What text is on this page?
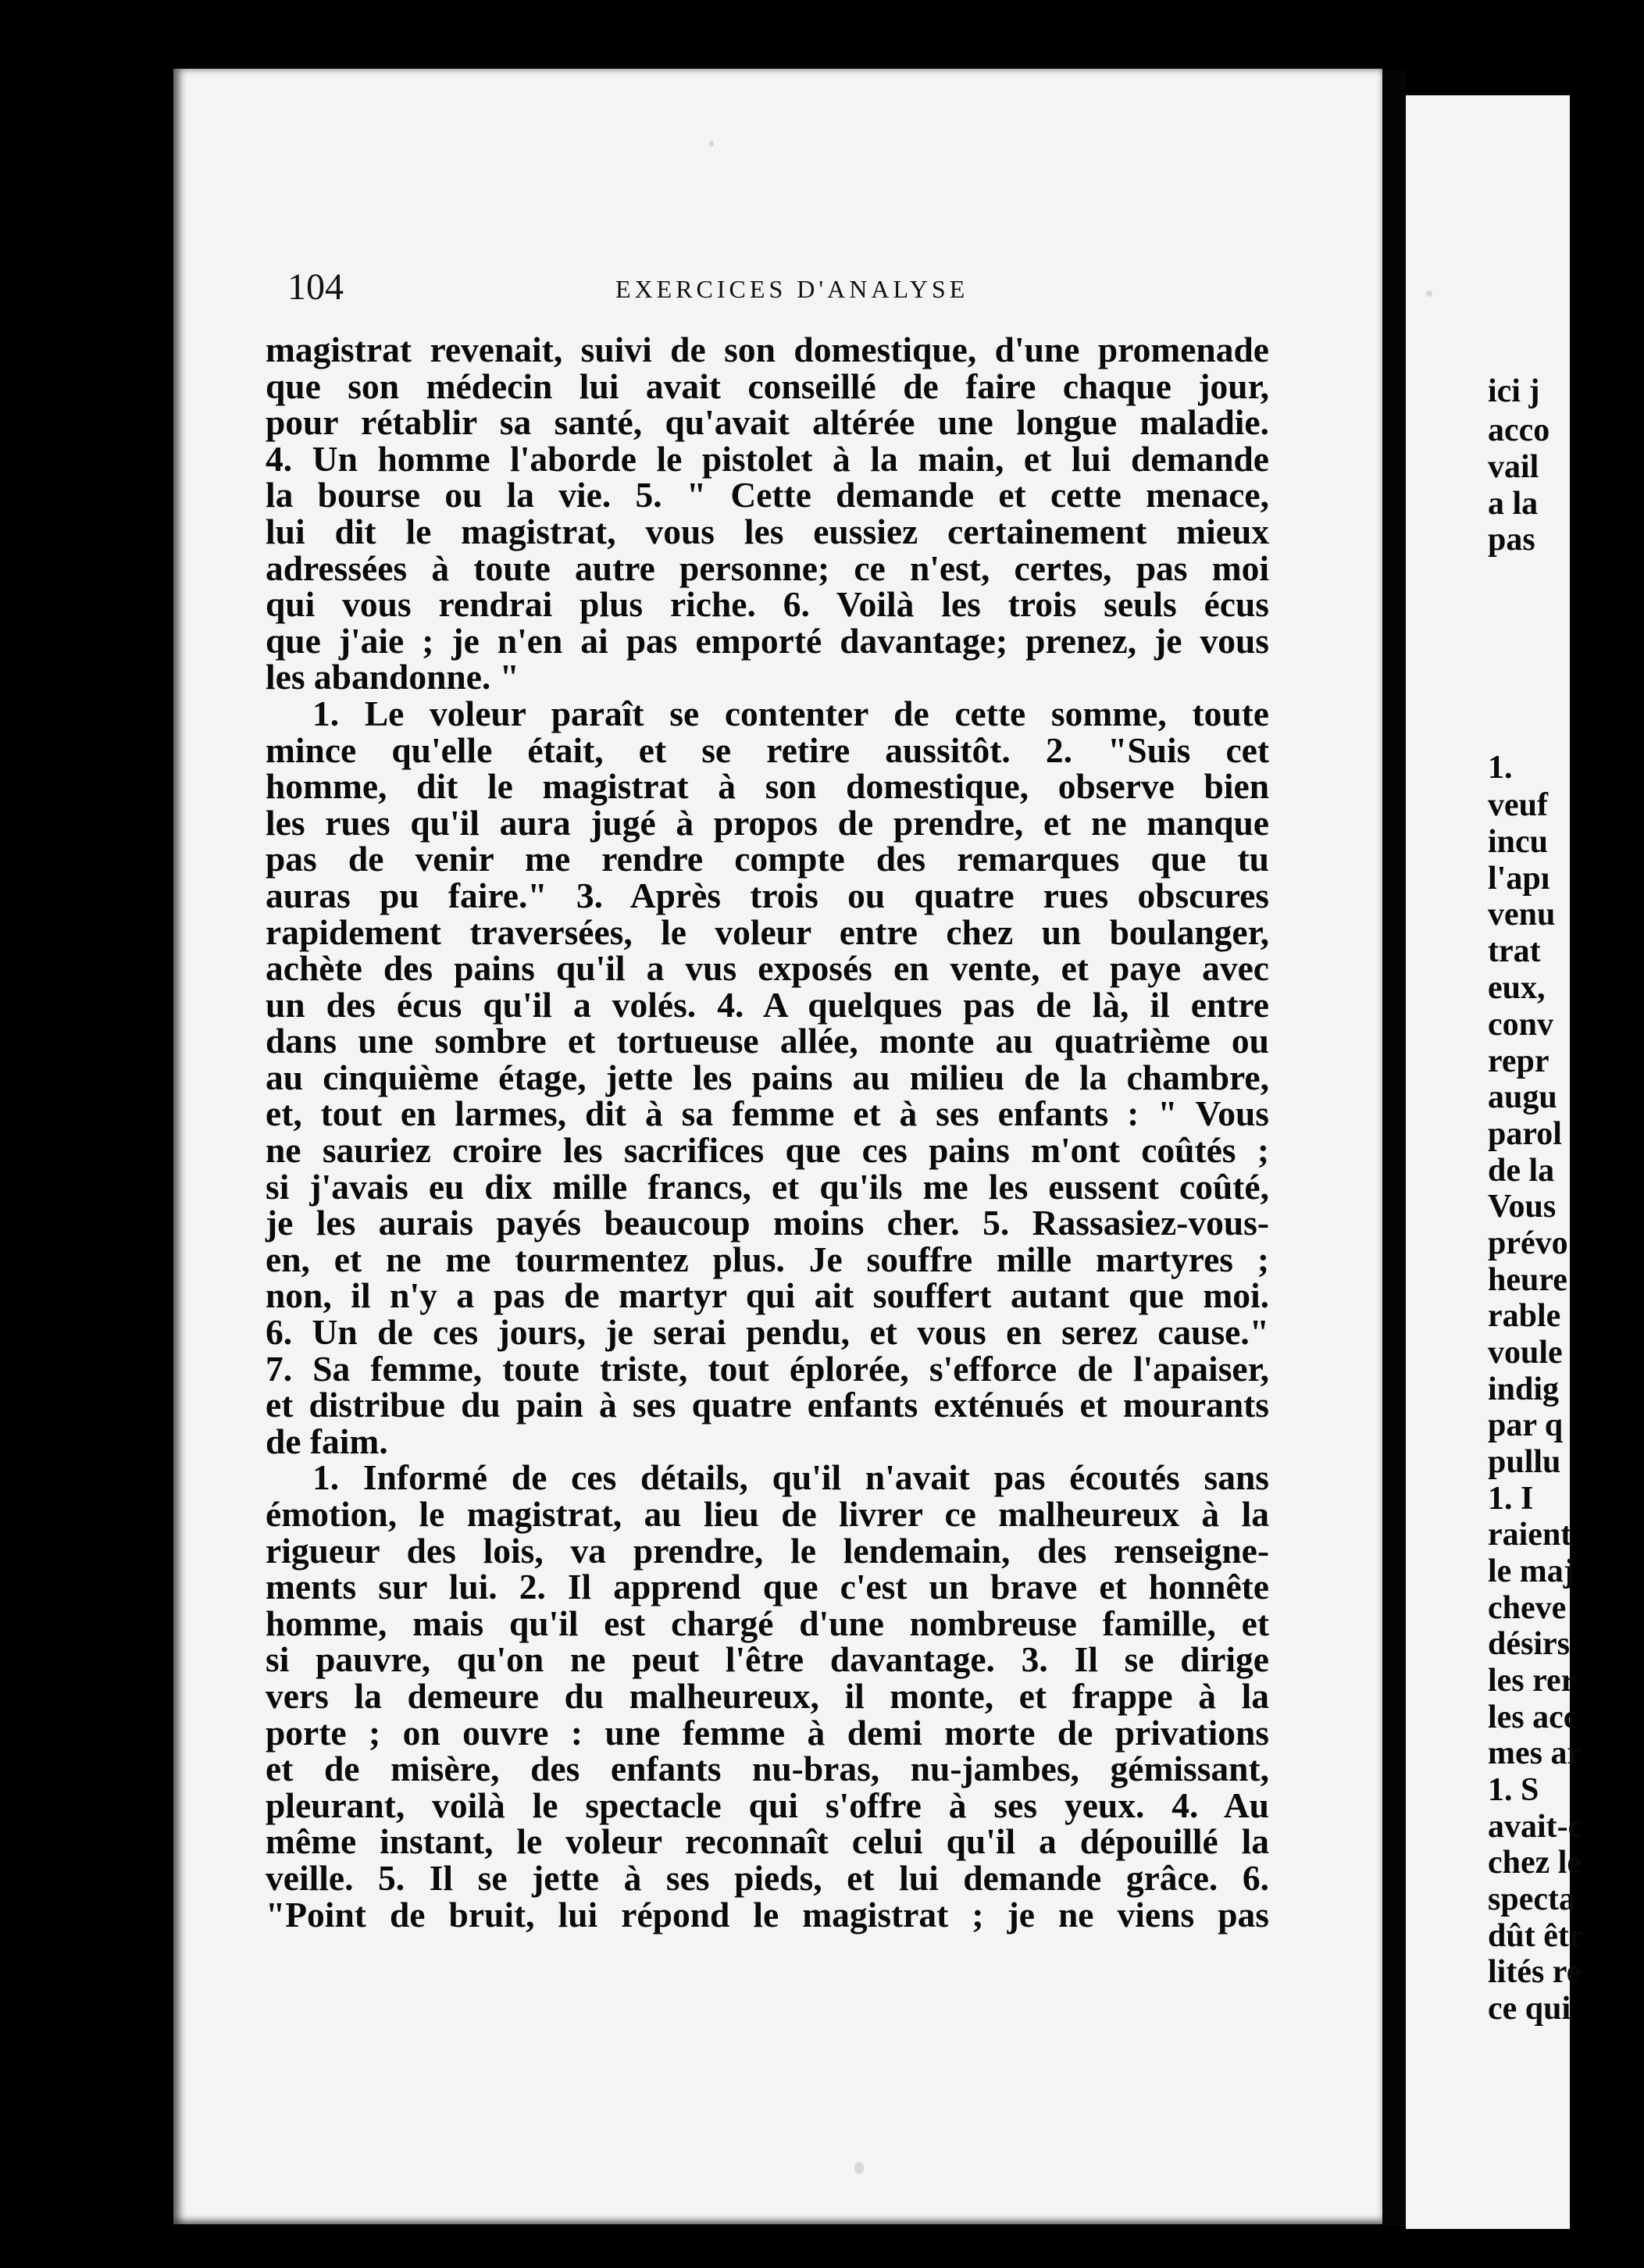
104	EXERCICES D'ANALYSE
magistrat revenait, suivi de son domestique, d'une promenade
que son médecin lui avait conseillé de faire chaque jour,
pour rétablir sa santé, qu'avait altérée une longue maladie.
4. Un homme l'aborde le pistolet à la main, et lui demande
la bourse ou la vie. 5. " Cette demande et cette menace,
lui dit le magistrat, vous les eussiez certainement mieux
adressées à toute autre personne; ce n'est, certes, pas moi
qui vous rendrai plus riche. 6. Voilà les trois seuls écus
que j'aie ; je n'en ai pas emporté davantage; prenez, je vous
les abandonne. "
1. Le voleur paraît se contenter de cette somme, toute
mince qu'elle était, et se retire aussitôt. 2. "Suis cet
homme, dit le magistrat à son domestique, observe bien
les rues qu'il aura jugé à propos de prendre, et ne manque
pas de venir me rendre compte des remarques que tu
auras pu faire." 3. Après trois ou quatre rues obscures
rapidement traversées, le voleur entre chez un boulanger,
achète des pains qu'il a vus exposés en vente, et paye avec
un des écus qu'il a volés. 4. A quelques pas de là, il entre
dans une sombre et tortueuse allée, monte au quatrième ou
au cinquième étage, jette les pains au milieu de la chambre,
et, tout en larmes, dit à sa femme et à ses enfants : " Vous
ne sauriez croire les sacrifices que ces pains m'ont coûtés ;
si j'avais eu dix mille francs, et qu'ils me les eussent coûté,
je les aurais payés beaucoup moins cher. 5. Rassasiez-vous-
en, et ne me tourmentez plus. Je souffre mille martyres ;
non, il n'y a pas de martyr qui ait souffert autant que moi.
6. Un de ces jours, je serai pendu, et vous en serez cause."
7. Sa femme, toute triste, tout éplorée, s'efforce de l'apaiser,
et distribue du pain à ses quatre enfants exténués et mourants
de faim.
1. Informé de ces détails, qu'il n'avait pas écoutés sans
émotion, le magistrat, au lieu de livrer ce malheureux à la
rigueur des lois, va prendre, le lendemain, des renseigne-
ments sur lui. 2. Il apprend que c'est un brave et honnête
homme, mais qu'il est chargé d'une nombreuse famille, et
si pauvre, qu'on ne peut l'être davantage. 3. Il se dirige
vers la demeure du malheureux, il monte, et frappe à la
porte ; on ouvre : une femme à demi morte de privations
et de misère, des enfants nu-bras, nu-jambes, gémissant,
pleurant, voilà le spectacle qui s'offre à ses yeux. 4. Au
même instant, le voleur reconnaît celui qu'il a dépouillé la
veille. 5. Il se jette à ses pieds, et lui demande grâce. 6.
"Point de bruit, lui répond le magistrat ; je ne viens pas
ici j
acco
vail
a la
pas
1.
veuf
incu
l'apı
venu
trat
eux,
conv
repr
augu
parol
de la
Vous
prévo
heure
rable
voule
indig
par q
pullu
1. I
raient
le maj
cheve
désirs
les rer
les acc
mes ar
1. S
avait-c
chez le
specta
dût êtr
lités re
ce qui
